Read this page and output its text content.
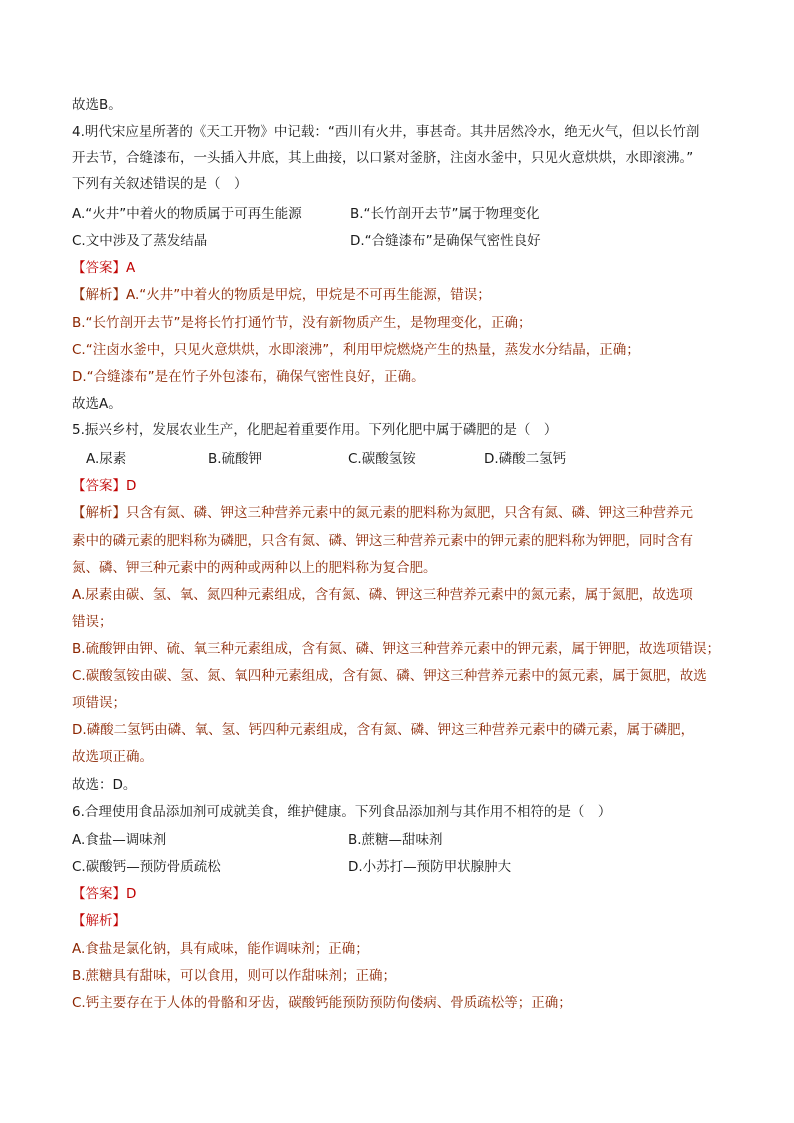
故选B。
4.明代宋应星所著的《天工开物》中记载：“西川有火井，事甚奇。其井居然冷水，绝无火气，但以长竹剖
开去节，合缝漆布，一头插入井底，其上曲接，以口紧对釜脐，注卤水釜中，只见火意烘烘，水即滚沸。”
下列有关叙述错误的是（　）
A.“火井”中着火的物质属于可再生能源	B.“长竹剖开去节”属于物理变化
C.文中涉及了蒸发结晶	D.“合缝漆布”是确保气密性良好
【答案】A
【解析】A.“火井”中着火的物质是甲烷，甲烷是不可再生能源，错误；
B.“长竹剖开去节”是将长竹打通竹节，没有新物质产生，是物理变化，正确；
C.“注卤水釜中，只见火意烘烘，水即滚沸”，利用甲烷燃烧产生的热量，蒸发水分结晶，正确；
D.“合缝漆布”是在竹子外包漆布，确保气密性良好，正确。
故选A。
5.振兴乡村，发展农业生产，化肥起着重要作用。下列化肥中属于磷肥的是（　）
A.尿素	B.硫酸钾	C.碳酸氢铵	D.磷酸二氢钙
【答案】D
【解析】只含有氮、磷、钾这三种营养元素中的氮元素的肥料称为氮肥，只含有氮、磷、钾这三种营养元
素中的磷元素的肥料称为磷肥，只含有氮、磷、钾这三种营养元素中的钾元素的肥料称为钾肥，同时含有
氮、磷、钾三种元素中的两种或两种以上的肥料称为复合肥。
A.尿素由碳、氢、氧、氮四种元素组成，含有氮、磷、钾这三种营养元素中的氮元素，属于氮肥，故选项
错误；
B.硫酸钾由钾、硫、氧三种元素组成，含有氮、磷、钾这三种营养元素中的钾元素，属于钾肥，故选项错误；
C.碳酸氢铵由碳、氢、氮、氧四种元素组成，含有氮、磷、钾这三种营养元素中的氮元素，属于氮肥，故选
项错误；
D.磷酸二氢钙由磷、氧、氢、钙四种元素组成，含有氮、磷、钾这三种营养元素中的磷元素，属于磷肥，
故选项正确。
故选：D。
6.合理使用食品添加剂可成就美食，维护健康。下列食品添加剂与其作用不相符的是（　）
A.食盐—调味剂	B.蔗糖—甜味剂
C.碳酸钙—预防骨质疏松	D.小苏打—预防甲状腺肿大
【答案】D
【解析】
A.食盐是氯化钠，具有咸味，能作调味剂；正确；
B.蔗糖具有甜味，可以食用，则可以作甜味剂；正确；
C.钙主要存在于人体的骨骼和牙齿，碳酸钙能预防预防佝偻病、骨质疏松等；正确；
